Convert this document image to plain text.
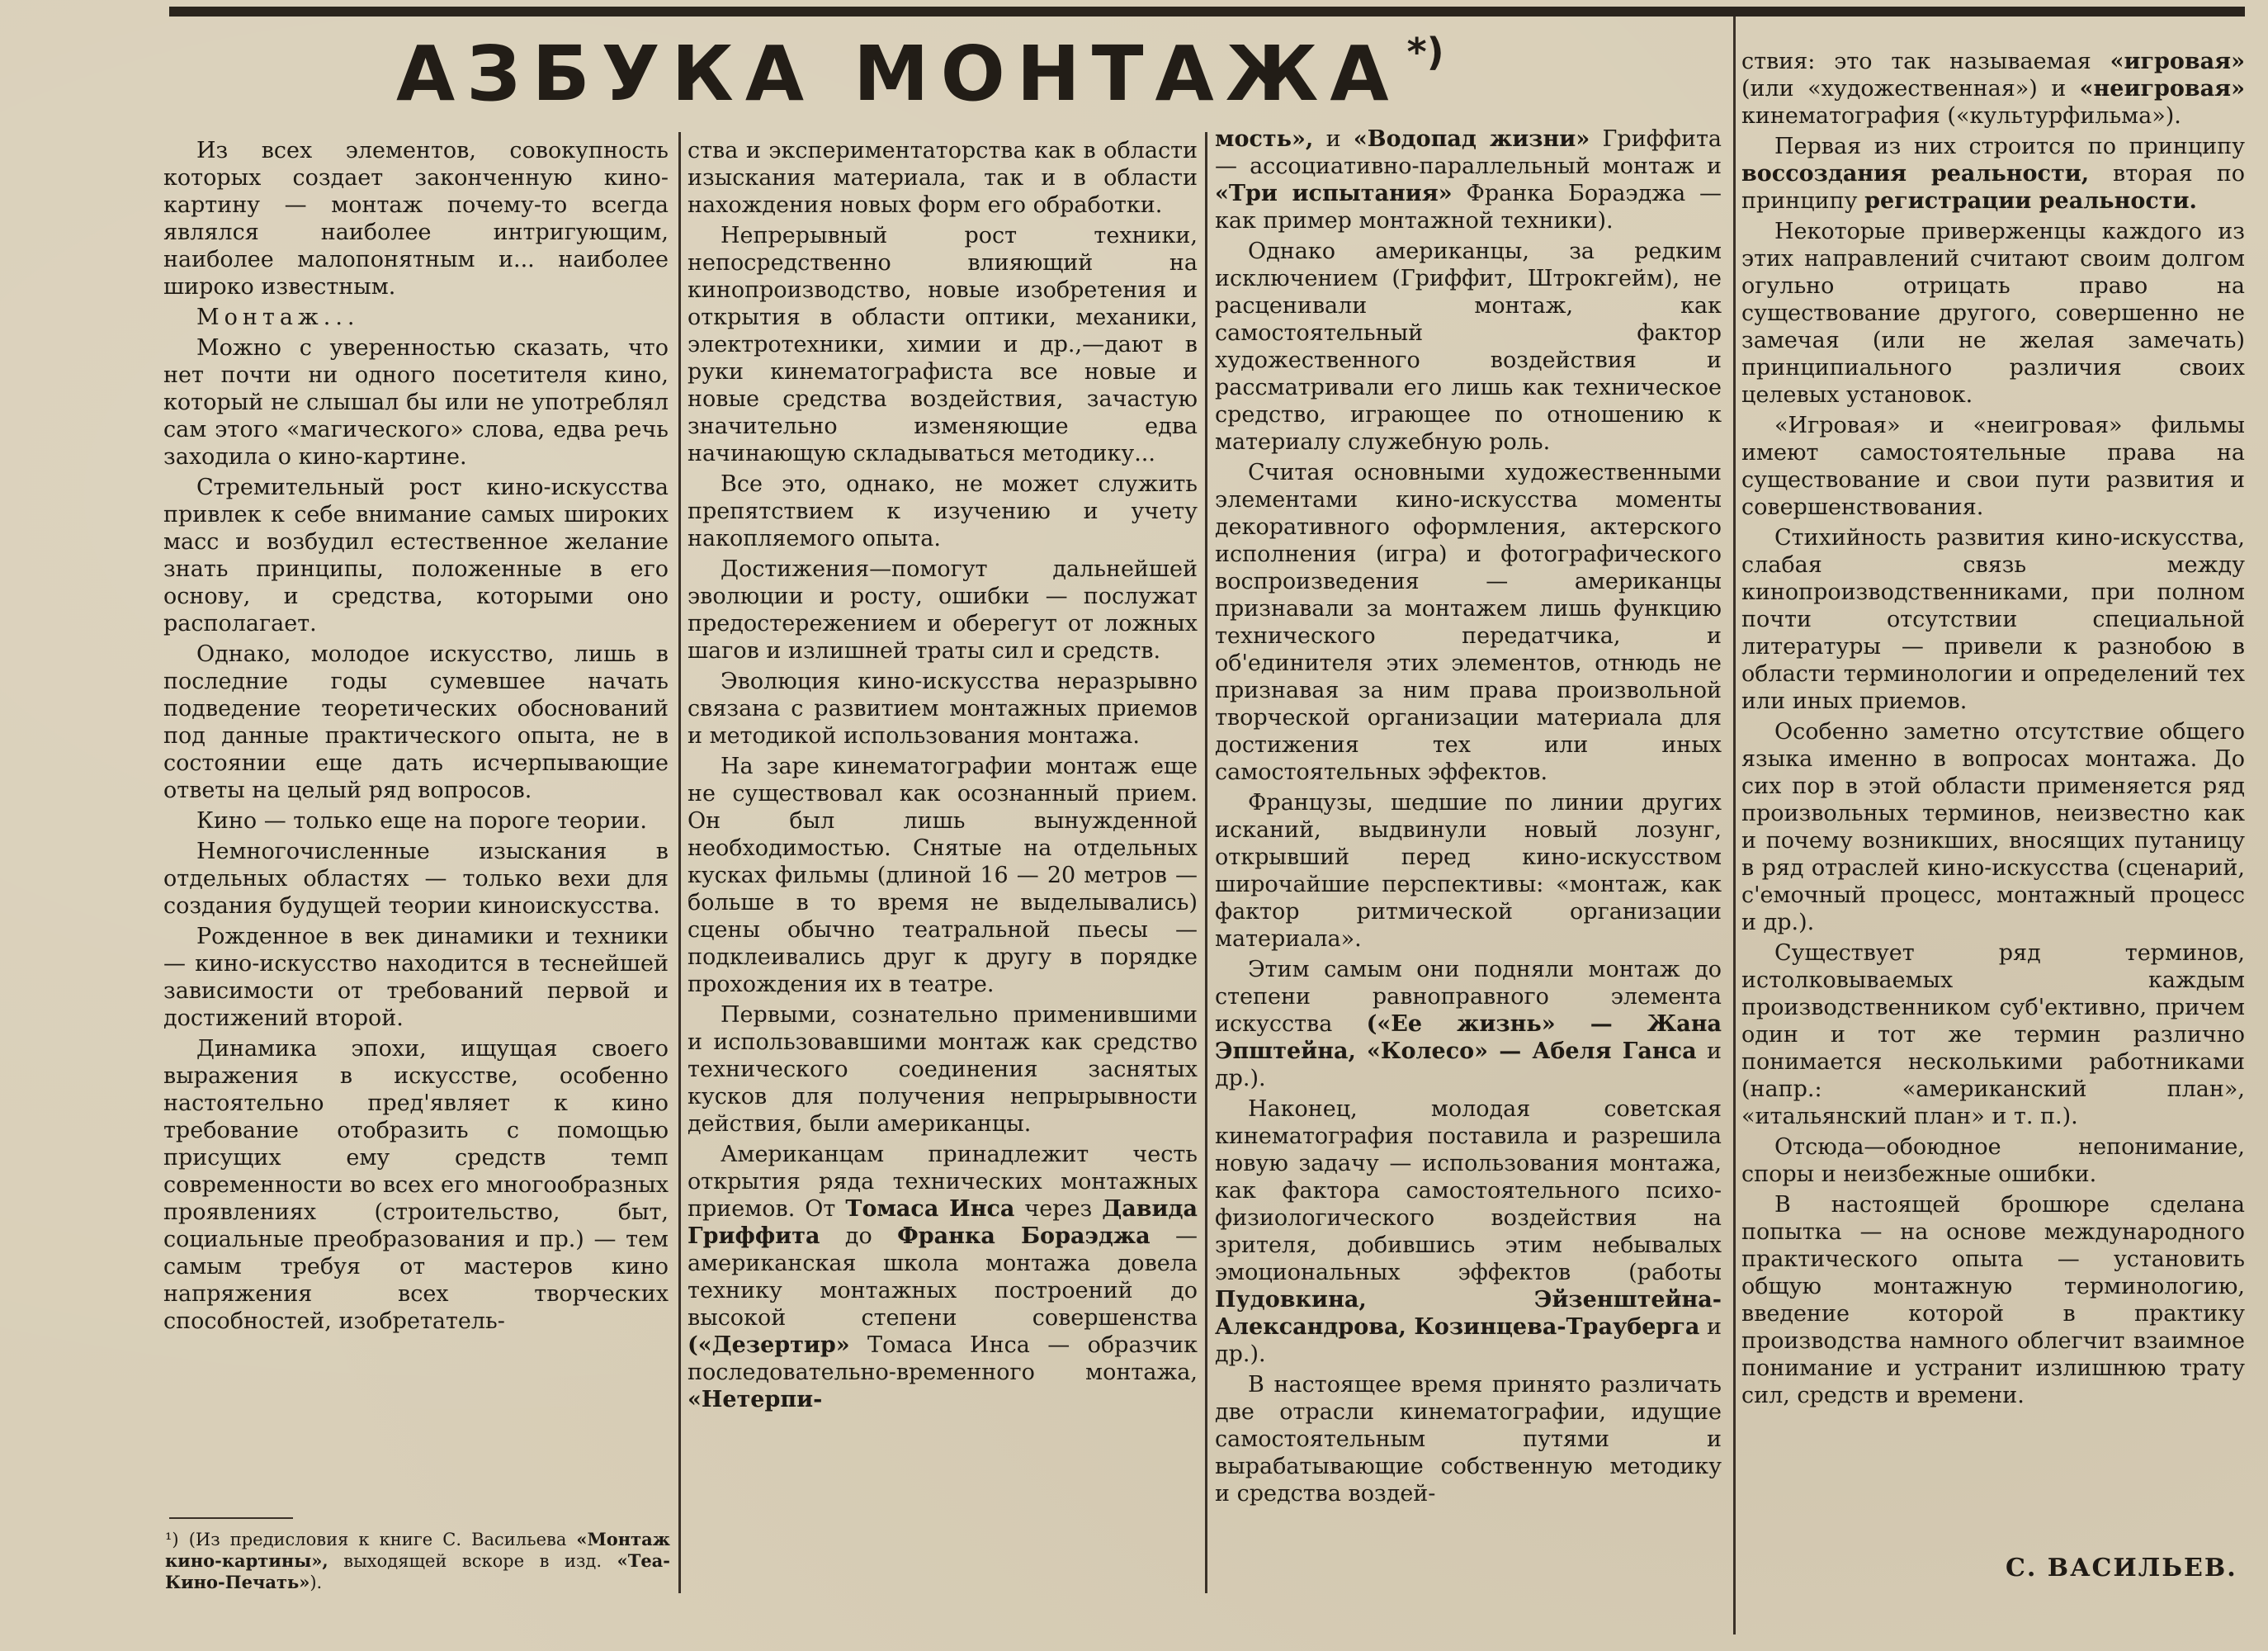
АЗБУКА МОНТАЖА *)

Из всех элементов, совокупность которых создает законченную кино-картину — монтаж почему-то всегда являлся наиболее интригующим, наиболее малопонятным и... наиболее широко известным.

Монтаж...

Можно с уверенностью сказать, что нет почти ни одного посетителя кино, который не слышал бы или не употреблял сам этого «магического» слова, едва речь заходила о кино-картине.

Стремительный рост кино-искусства привлек к себе внимание самых широких масс и возбудил естественное желание знать принципы, положенные в его основу, и средства, которыми оно располагает.

Однако, молодое искусство, лишь в последние годы сумевшее начать подведение теоретических обоснований под данные практического опыта, не в состоянии еще дать исчерпывающие ответы на целый ряд вопросов.

Кино — только еще на пороге теории.

Немногочисленные изыскания в отдельных областях — только вехи для создания будущей теории киноискусства.

Рожденное в век динамики и техники — кино-искусство находится в теснейшей зависимости от требований первой и достижений второй.

Динамика эпохи, ищущая своего выражения в искусстве, особенно настоятельно пред'являет к кино требование отобразить с помощью присущих ему средств темп современности во всех его многообразных проявлениях (строительство, быт, социальные преобразования и пр.) — тем самым требуя от мастеров кино напряжения всех творческих способностей, изобретатель-

ства и экспериментаторства как в области изыскания материала, так и в области нахождения новых форм его обработки.

Непрерывный рост техники, непосредственно влияющий на кинопроизводство, новые изобретения и открытия в области оптики, механики, электротехники, химии и др.,—дают в руки кинематографиста все новые и новые средства воздействия, зачастую значительно изменяющие едва начинающую складываться методику...

Все это, однако, не может служить препятствием к изучению и учету накопляемого опыта.

Достижения—помогут дальнейшей эволюции и росту, ошибки — послужат предостережением и оберегут от ложных шагов и излишней траты сил и средств.

Эволюция кино-искусства неразрывно связана с развитием монтажных приемов и методикой использования монтажа.

На заре кинематографии монтаж еще не существовал как осознанный прием. Он был лишь вынужденной необходимостью. Снятые на отдельных кусках фильмы (длиной 16 — 20 метров — больше в то время не выделывались) сцены обычно театральной пьесы — подклеивались друг к другу в порядке прохождения их в театре.

Первыми, сознательно применившими и использовавшими монтаж как средство технического соединения заснятых кусков для получения непрырывности действия, были американцы.

Американцам принадлежит честь открытия ряда технических монтажных приемов. От Томаса Инса через Давида Гриффита до Франка Бораэджа — американская школа монтажа довела технику монтажных построений до высокой степени совершенства («Дезертир» Томаса Инса — образчик последовательно-временного монтажа, «Нетерпи-

мость», и «Водопад жизни» Гриффита — ассоциативно-параллельный монтаж и «Три испытания» Франка Бораэджа — как пример монтажной техники).

Однако американцы, за редким исключением (Гриффит, Штрокгейм), не расценивали монтаж, как самостоятельный фактор художественного воздействия и рассматривали его лишь как техническое средство, играющее по отношению к материалу служебную роль.

Считая основными художественными элементами кино-искусства моменты декоративного оформления, актерского исполнения (игра) и фотографического воспроизведения — американцы признавали за монтажем лишь функцию технического передатчика, и об'единителя этих элементов, отнюдь не признавая за ним права произвольной творческой организации материала для достижения тех или иных самостоятельных эффектов.

Французы, шедшие по линии других исканий, выдвинули новый лозунг, открывший перед кино-искусством широчайшие перспективы: «монтаж, как фактор ритмической организации материала».

Этим самым они подняли монтаж до степени равноправного элемента искусства («Ее жизнь» — Жана Эпштейна, «Колесо» — Абеля Ганса и др.).

Наконец, молодая советская кинематография поставила и разрешила новую задачу — использования монтажа, как фактора самостоятельного психо-физиологического воздействия на зрителя, добившись этим небывалых эмоциональных эффектов (работы Пудовкина, Эйзенштейна-Александрова, Козинцева-Трауберга и др.).

В настоящее время принято различать две отрасли кинематографии, идущие самостоятельным путями и вырабатывающие собственную методику и средства воздей-

ствия: это так называемая «игровая» (или «художественная») и «неигровая» кинематография («культурфильма»).

Первая из них строится по принципу воссоздания реальности, вторая по принципу регистрации реальности.

Некоторые приверженцы каждого из этих направлений считают своим долгом огульно отрицать право на существование другого, совершенно не замечая (или не желая замечать) принципиального различия своих целевых установок.

«Игровая» и «неигровая» фильмы имеют самостоятельные права на существование и свои пути развития и совершенствования.

Стихийность развития кино-искусства, слабая связь между кинопроизводственниками, при полном почти отсутствии специальной литературы — привели к разнобою в области терминологии и определений тех или иных приемов.

Особенно заметно отсутствие общего языка именно в вопросах монтажа. До сих пор в этой области применяется ряд произвольных терминов, неизвестно как и почему возникших, вносящих путаницу в ряд отраслей кино-искусства (сценарий, с'емочный процесс, монтажный процесс и др.).

Существует ряд терминов, истолковываемых каждым производственником суб'ективно, причем один и тот же термин различно понимается несколькими работниками (напр.: «американский план», «итальянский план» и т. п.).

Отсюда—обоюдное непонимание, споры и неизбежные ошибки.

В настоящей брошюре сделана попытка — на основе международного практического опыта — установить общую монтажную терминологию, введение которой в практику производства намного облегчит взаимное понимание и устранит излишнюю трату сил, средств и времени.

¹) (Из предисловия к книге С. Васильева «Монтаж кино-картины», выходящей вскоре в изд. «Теа-Кино-Печать»).	С. ВАСИЛЬЕВ.
